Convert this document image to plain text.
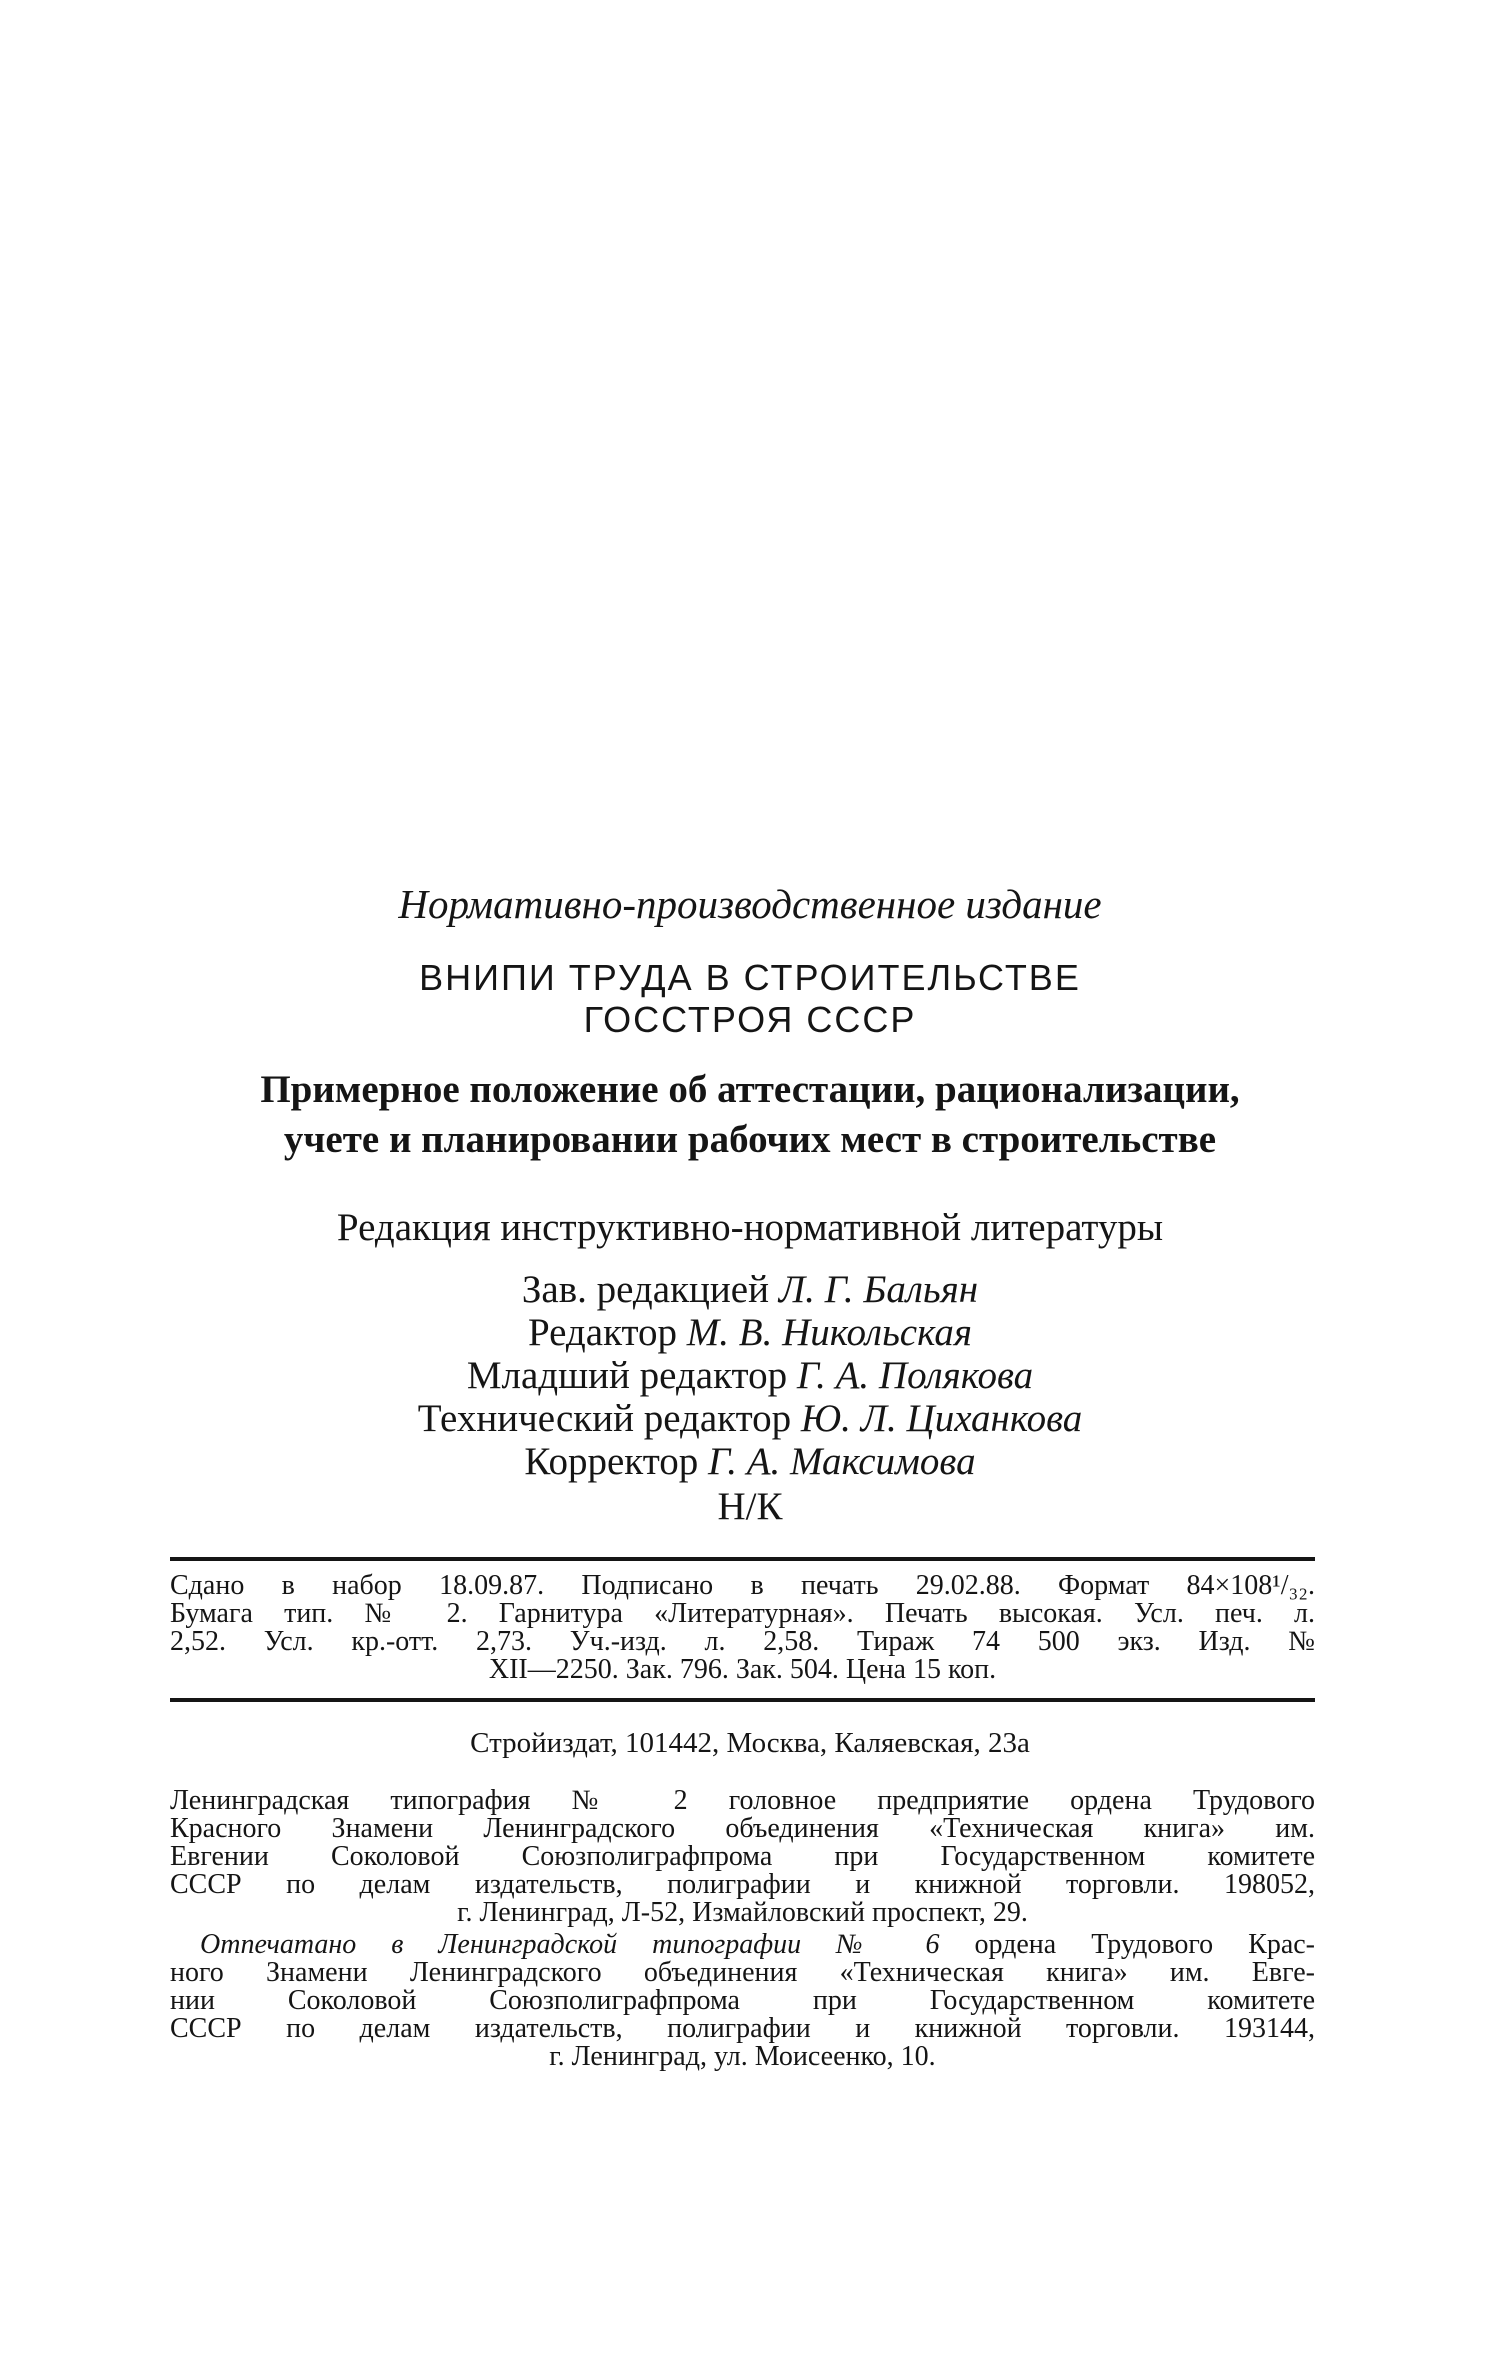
Нормативно-производственное издание
ВНИПИ ТРУДА В СТРОИТЕЛЬСТВЕ
ГОССТРОЯ СССР
Примерное положение об аттестации, рационализации,
учете и планировании рабочих мест в строительстве
Редакция инструктивно-нормативной литературы
Зав. редакцией Л. Г. Бальян
Редактор М. В. Никольская
Младший редактор Г. А. Полякова
Технический редактор Ю. Л. Циханкова
Корректор Г. А. Максимова
Н/К
Сдано в набор 18.09.87. Подписано в печать 29.02.88. Формат 84×108¹/₃₂.
Бумага тип. № 2. Гарнитура «Литературная». Печать высокая. Усл. печ. л.
2,52. Усл. кр.-отт. 2,73. Уч.-изд. л. 2,58. Тираж 74 500 экз. Изд. №
XII—2250. Зак. 796. Зак. 504. Цена 15 коп.
Стройиздат, 101442, Москва, Каляевская, 23а
Ленинградская типография № 2 головное предприятие ордена Трудового
Красного Знамени Ленинградского объединения «Техническая книга» им.
Евгении Соколовой Союзполиграфпрома при Государственном комитете
СССР по делам издательств, полиграфии и книжной торговли. 198052,
г. Ленинград, Л-52, Измайловский проспект, 29.
Отпечатано в Ленинградской типографии № 6 ордена Трудового Крас-
ного Знамени Ленинградского объединения «Техническая книга» им. Евге-
нии Соколовой Союзполиграфпрома при Государственном комитете
СССР по делам издательств, полиграфии и книжной торговли. 193144,
г. Ленинград, ул. Моисеенко, 10.
